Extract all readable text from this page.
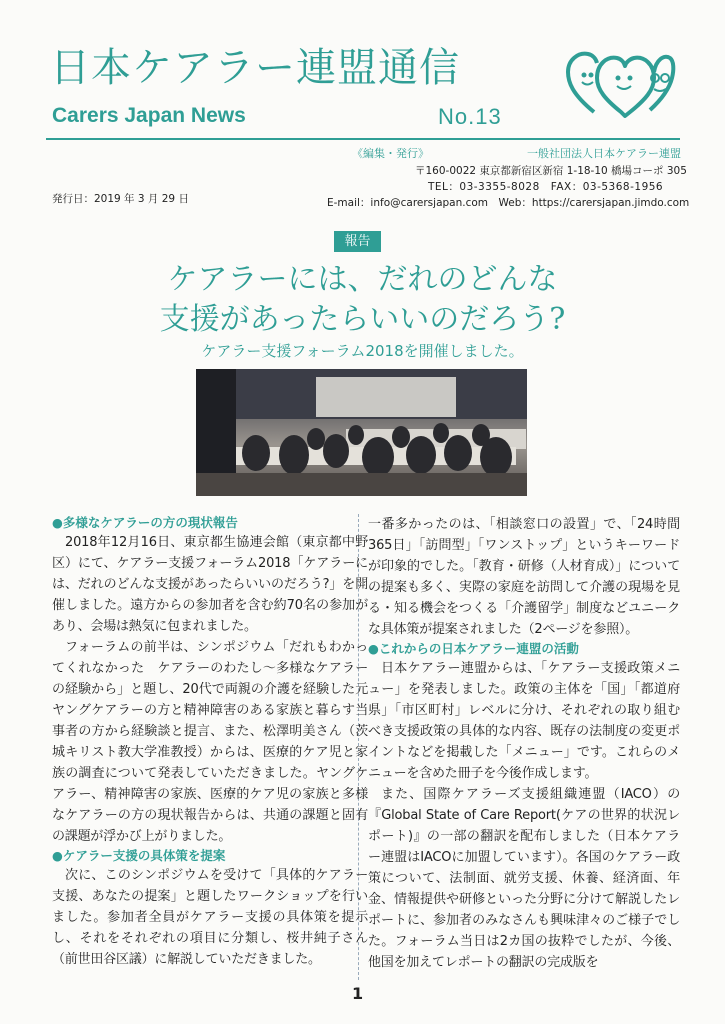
日本ケアラー連盟通信
Carers Japan News	No.13
《編集・発行》	一般社団法人日本ケアラー連盟
〒160-0022 東京都新宿区新宿 1-18-10 橋場コーポ 305
TEL：03-3355-8028　FAX：03-5368-1956
E-mail：info@carersjapan.com　Web：https://carersjapan.jimdo.com
発行日：2019 年 3 月 29 日
報告
ケアラーには、だれのどんな
支援があったらいいのだろう?
ケアラー支援フォーラム2018を開催しました。
●多様なケアラーの方の現状報告

2018年12月16日、東京都生協連会館（東京都中野区）にて、ケアラー支援フォーラム2018「ケアラーには、だれのどんな支援があったらいいのだろう?」を開催しました。遠方からの参加者を含む約70名の参加があり、会場は熱気に包まれました。

フォーラムの前半は、シンポジウム「だれもわかってくれなかった　ケアラーのわたし〜多様なケアラーの経験から」と題し、20代で両親の介護を経験した元ヤングケアラーの方と精神障害のある家族と暮らす当事者の方から経験談と提言、また、松澤明美さん（茨城キリスト教大学准教授）からは、医療的ケア児と家族の調査について発表していただきました。ヤングケアラー、精神障害の家族、医療的ケア児の家族と多様なケアラーの方の現状報告からは、共通の課題と固有の課題が浮かび上がりました。

●ケアラー支援の具体策を提案

次に、このシンポジウムを受けて「具体的ケアラー支援、あなたの提案」と題したワークショップを行いました。参加者全員がケアラー支援の具体策を提示し、それをそれぞれの項目に分類し、桜井純子さん（前世田谷区議）に解説していただきました。

一番多かったのは、「相談窓口の設置」で、「24時間365日」「訪問型」「ワンストップ」というキーワードが印象的でした。「教育・研修（人材育成）」についての提案も多く、実際の家庭を訪問して介護の現場を見る・知る機会をつくる「介護留学」制度などユニークな具体策が提案されました（2ページを参照）。

●これからの日本ケアラー連盟の活動

日本ケアラー連盟からは、「ケアラー支援政策メニュー」を発表しました。政策の主体を「国」「都道府県」「市区町村」レベルに分け、それぞれの取り組むべき支援政策の具体的な内容、既存の法制度の変更ポイントなどを掲載した「メニュー」です。これらのメニューを含めた冊子を今後作成します。

また、国際ケアラーズ支援組織連盟（IACO）の『Global State of Care Report(ケアの世界的状況レポート)』の一部の翻訳を配布しました（日本ケアラー連盟はIACOに加盟しています）。各国のケアラー政策について、法制面、就労支援、休養、経済面、年金、情報提供や研修といった分野に分けて解説したレポートに、参加者のみなさんも興味津々のご様子でした。フォーラム当日は2カ国の抜粋でしたが、今後、他国を加えてレポートの翻訳の完成版を

1
